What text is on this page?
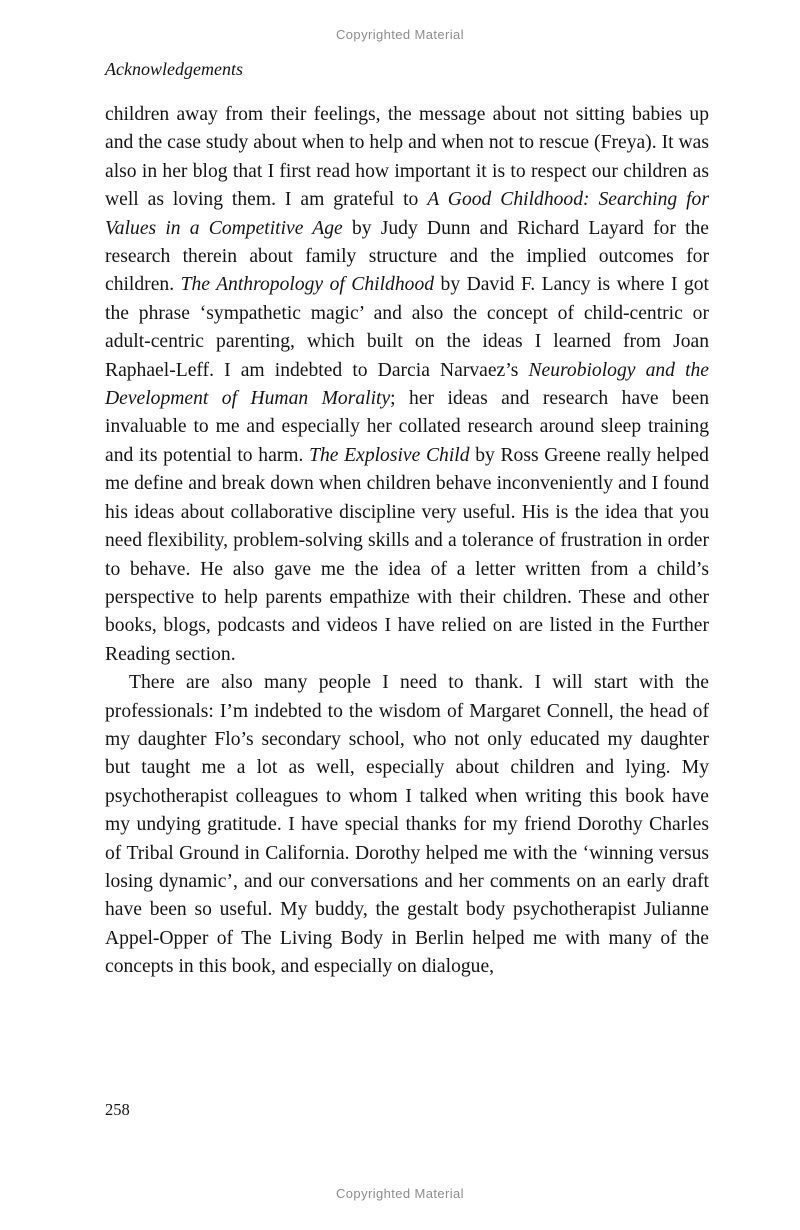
Copyrighted Material
Acknowledgements

children away from their feelings, the message about not sitting babies up and the case study about when to help and when not to rescue (Freya). It was also in her blog that I first read how important it is to respect our children as well as loving them. I am grateful to A Good Childhood: Searching for Values in a Competitive Age by Judy Dunn and Richard Layard for the research therein about family structure and the implied outcomes for children. The Anthropology of Childhood by David F. Lancy is where I got the phrase ‘sympathetic magic’ and also the concept of child-centric or adult-centric parenting, which built on the ideas I learned from Joan Raphael-Leff. I am indebted to Darcia Narvaez’s Neurobiology and the Development of Human Morality; her ideas and research have been invaluable to me and especially her collated research around sleep training and its potential to harm. The Explosive Child by Ross Greene really helped me define and break down when children behave inconveniently and I found his ideas about collaborative discipline very useful. His is the idea that you need flexibility, problem-solving skills and a tolerance of frustration in order to behave. He also gave me the idea of a letter written from a child’s perspective to help parents empathize with their children. These and other books, blogs, podcasts and videos I have relied on are listed in the Further Reading section.

There are also many people I need to thank. I will start with the professionals: I’m indebted to the wisdom of Margaret Connell, the head of my daughter Flo’s secondary school, who not only educated my daughter but taught me a lot as well, especially about children and lying. My psychotherapist colleagues to whom I talked when writing this book have my undying gratitude. I have special thanks for my friend Dorothy Charles of Tribal Ground in California. Dorothy helped me with the ‘winning versus losing dynamic’, and our conversations and her comments on an early draft have been so useful. My buddy, the gestalt body psychotherapist Julianne Appel-Opper of The Living Body in Berlin helped me with many of the concepts in this book, and especially on dialogue,

258
Copyrighted Material
